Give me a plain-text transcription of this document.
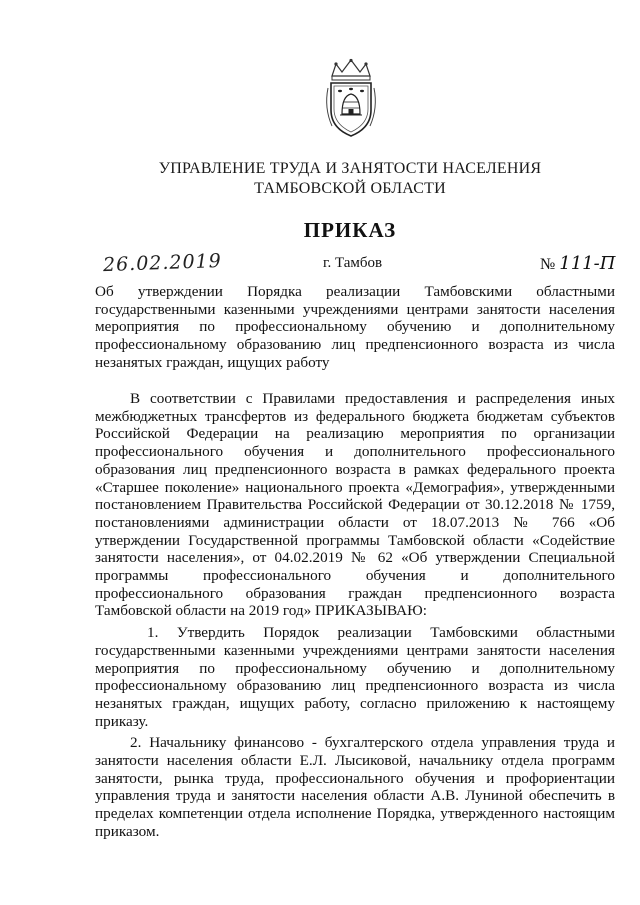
УПРАВЛЕНИЕ ТРУДА И ЗАНЯТОСТИ НАСЕЛЕНИЯ
ТАМБОВСКОЙ ОБЛАСТИ
ПРИКАЗ
26.02.2019	г. Тамбов	№ 111-П

Об утверждении Порядка реализации Тамбовскими областными государственными казенными учреждениями центрами занятости населения мероприятия по профессиональному обучению и дополнительному профессиональному образованию лиц предпенсионного возраста из числа незанятых граждан, ищущих работу

В соответствии с Правилами предоставления и распределения иных межбюджетных трансфертов из федерального бюджета бюджетам субъектов Российской Федерации на реализацию мероприятия по организации профессионального обучения и дополнительного профессионального образования лиц предпенсионного возраста в рамках федерального проекта «Старшее поколение» национального проекта «Демография», утвержденными постановлением Правительства Российской Федерации от 30.12.2018 № 1759, постановлениями администрации области от 18.07.2013 № 766 «Об утверждении Государственной программы Тамбовской области «Содействие занятости населения», от 04.02.2019 № 62 «Об утверждении Специальной программы профессионального обучения и дополнительного профессионального образования граждан предпенсионного возраста Тамбовской области на 2019 год» ПРИКАЗЫВАЮ:

1. Утвердить Порядок реализации Тамбовскими областными государственными казенными учреждениями центрами занятости населения мероприятия по профессиональному обучению и дополнительному профессиональному образованию лиц предпенсионного возраста из числа незанятых граждан, ищущих работу, согласно приложению к настоящему приказу.

2. Начальнику финансово - бухгалтерского отдела управления труда и занятости населения области Е.Л. Лысиковой, начальнику отдела программ занятости, рынка труда, профессионального обучения и профориентации управления труда и занятости населения области А.В. Луниной обеспечить в пределах компетенции отдела исполнение Порядка, утвержденного настоящим приказом.
